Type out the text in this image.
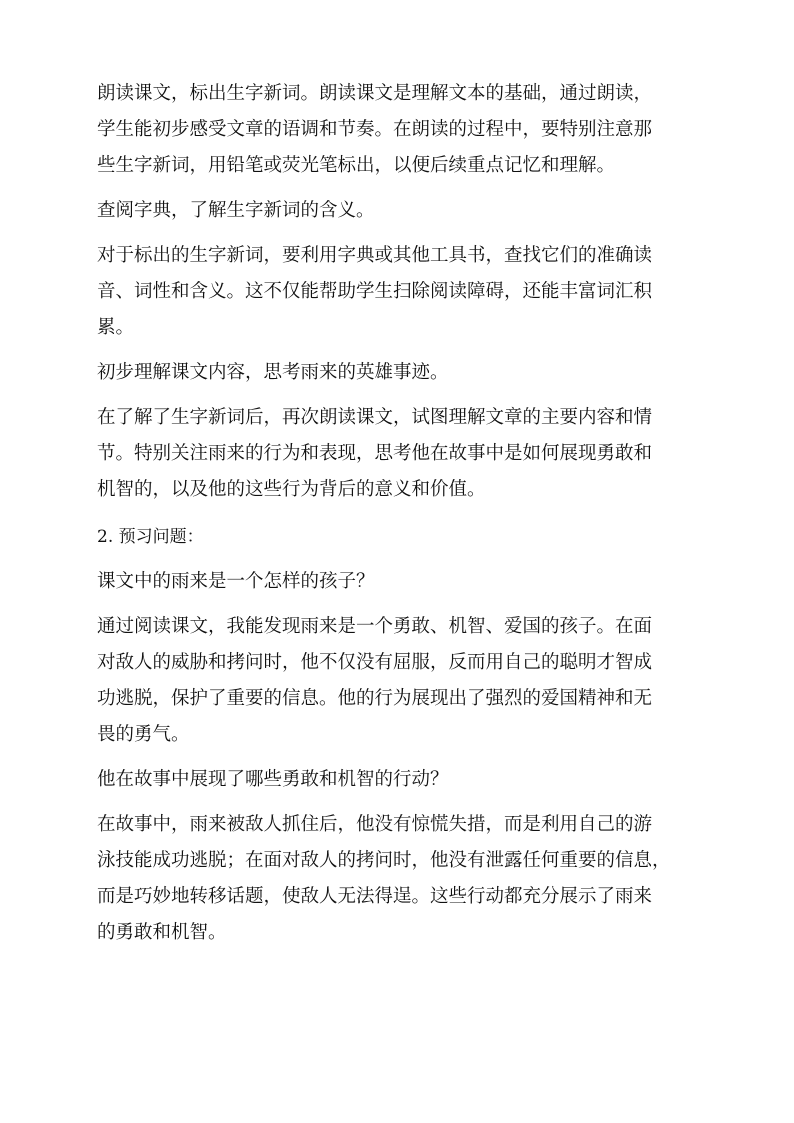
朗读课文，标出生字新词。朗读课文是理解文本的基础，通过朗读，
学生能初步感受文章的语调和节奏。在朗读的过程中，要特别注意那
些生字新词，用铅笔或荧光笔标出，以便后续重点记忆和理解。

查阅字典，了解生字新词的含义。

对于标出的生字新词，要利用字典或其他工具书，查找它们的准确读
音、词性和含义。这不仅能帮助学生扫除阅读障碍，还能丰富词汇积
累。

初步理解课文内容，思考雨来的英雄事迹。

在了解了生字新词后，再次朗读课文，试图理解文章的主要内容和情
节。特别关注雨来的行为和表现，思考他在故事中是如何展现勇敢和
机智的，以及他的这些行为背后的意义和价值。

2. 预习问题：

课文中的雨来是一个怎样的孩子？

通过阅读课文，我能发现雨来是一个勇敢、机智、爱国的孩子。在面
对敌人的威胁和拷问时，他不仅没有屈服，反而用自己的聪明才智成
功逃脱，保护了重要的信息。他的行为展现出了强烈的爱国精神和无
畏的勇气。

他在故事中展现了哪些勇敢和机智的行动？

在故事中，雨来被敌人抓住后，他没有惊慌失措，而是利用自己的游
泳技能成功逃脱；在面对敌人的拷问时，他没有泄露任何重要的信息，
而是巧妙地转移话题，使敌人无法得逞。这些行动都充分展示了雨来
的勇敢和机智。
